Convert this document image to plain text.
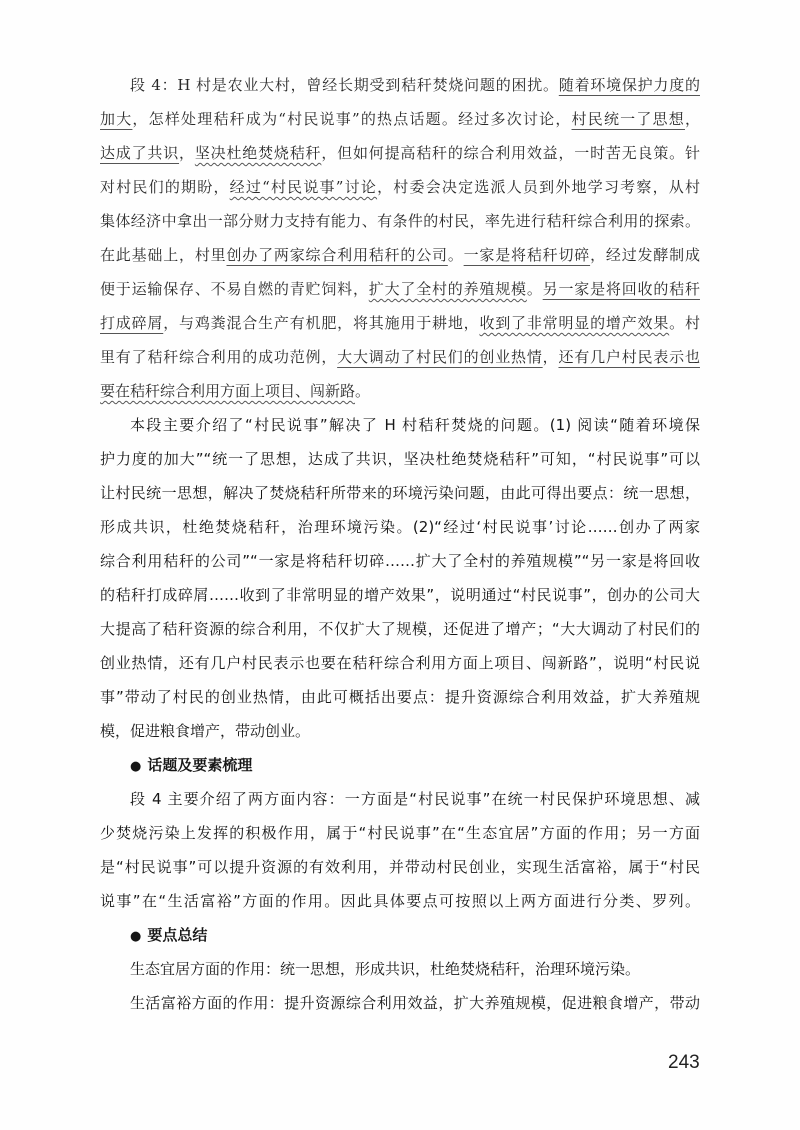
段 4：H 村是农业大村，曾经长期受到秸秆焚烧问题的困扰。随着环境保护力度的
加大，怎样处理秸秆成为“村民说事”的热点话题。经过多次讨论，村民统一了思想，
达成了共识，坚决杜绝焚烧秸秆，但如何提高秸秆的综合利用效益，一时苦无良策。针
对村民们的期盼，经过“村民说事”讨论，村委会决定选派人员到外地学习考察，从村
集体经济中拿出一部分财力支持有能力、有条件的村民，率先进行秸秆综合利用的探索。
在此基础上，村里创办了两家综合利用秸秆的公司。一家是将秸秆切碎，经过发酵制成
便于运输保存、不易自燃的青贮饲料，扩大了全村的养殖规模。另一家是将回收的秸秆
打成碎屑，与鸡粪混合生产有机肥，将其施用于耕地，收到了非常明显的增产效果。村
里有了秸秆综合利用的成功范例，大大调动了村民们的创业热情，还有几户村民表示也
要在秸秆综合利用方面上项目、闯新路。
本段主要介绍了“村民说事”解决了 H 村秸秆焚烧的问题。(1) 阅读“随着环境保
护力度的加大”“统一了思想，达成了共识，坚决杜绝焚烧秸秆”可知，“村民说事”可以
让村民统一思想，解决了焚烧秸秆所带来的环境污染问题，由此可得出要点：统一思想，
形成共识，杜绝焚烧秸秆，治理环境污染。(2)“经过‘村民说事’讨论……创办了两家
综合利用秸秆的公司”“一家是将秸秆切碎……扩大了全村的养殖规模”“另一家是将回收
的秸秆打成碎屑……收到了非常明显的增产效果”，说明通过“村民说事”，创办的公司大
大提高了秸秆资源的综合利用，不仅扩大了规模，还促进了增产；“大大调动了村民们的
创业热情，还有几户村民表示也要在秸秆综合利用方面上项目、闯新路”，说明“村民说
事”带动了村民的创业热情，由此可概括出要点：提升资源综合利用效益，扩大养殖规
模，促进粮食增产，带动创业。
● 话题及要素梳理
段 4 主要介绍了两方面内容：一方面是“村民说事”在统一村民保护环境思想、减
少焚烧污染上发挥的积极作用，属于“村民说事”在“生态宜居”方面的作用；另一方面
是“村民说事”可以提升资源的有效利用，并带动村民创业，实现生活富裕，属于“村民
说事”在“生活富裕”方面的作用。因此具体要点可按照以上两方面进行分类、罗列。
● 要点总结
生态宜居方面的作用：统一思想，形成共识，杜绝焚烧秸秆，治理环境污染。
生活富裕方面的作用：提升资源综合利用效益，扩大养殖规模，促进粮食增产，带动
243
